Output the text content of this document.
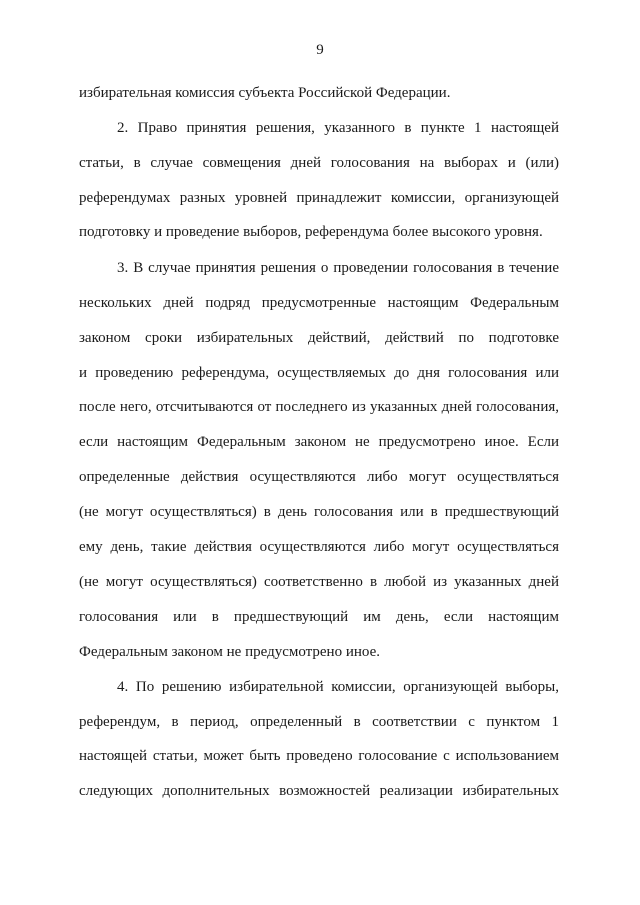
9
избирательная комиссия субъекта Российской Федерации.
2. Право принятия решения, указанного в пункте 1 настоящей
статьи, в случае совмещения дней голосования на выборах и (или)
референдумах разных уровней принадлежит комиссии, организующей
подготовку и проведение выборов, референдума более высокого уровня.
3. В случае принятия решения о проведении голосования в течение
нескольких дней подряд предусмотренные настоящим Федеральным
законом сроки избирательных действий, действий по подготовке
и проведению референдума, осуществляемых до дня голосования или
после него, отсчитываются от последнего из указанных дней голосования,
если настоящим Федеральным законом не предусмотрено иное. Если
определенные действия осуществляются либо могут осуществляться
(не могут осуществляться) в день голосования или в предшествующий
ему день, такие действия осуществляются либо могут осуществляться
(не могут осуществляться) соответственно в любой из указанных дней
голосования или в предшествующий им день, если настоящим
Федеральным законом не предусмотрено иное.
4. По решению избирательной комиссии, организующей выборы,
референдум, в период, определенный в соответствии с пунктом 1
настоящей статьи, может быть проведено голосование с использованием
следующих дополнительных возможностей реализации избирательных
